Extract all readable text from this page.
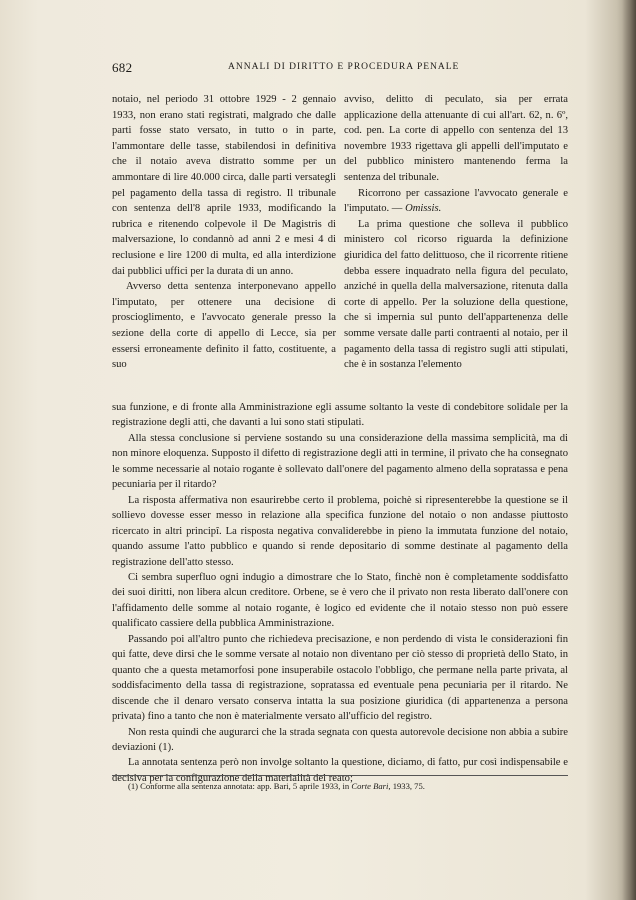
682	ANNALI DI DIRITTO E PROCEDURA PENALE

notaio, nel periodo 31 ottobre 1929 - 2 gennaio 1933, non erano stati registrati, malgrado che dalle parti fosse stato versato, in tutto o in parte, l'ammontare delle tasse, stabilendosi in definitiva che il notaio aveva distratto somme per un ammontare di lire 40.000 circa, dalle parti versategli pel pagamento della tassa di registro. Il tribunale con sentenza dell'8 aprile 1933, modificando la rubrica e ritenendo colpevole il De Magistris di malversazione, lo condannò ad anni 2 e mesi 4 di reclusione e lire 1200 di multa, ed alla interdizione dai pubblici uffici per la durata di un anno.

Avverso detta sentenza interponevano appello l'imputato, per ottenere una decisione di proscioglimento, e l'avvocato generale presso la sezione della corte di appello di Lecce, sia per essersi erroneamente definito il fatto, costituente, a suo

avviso, delitto di peculato, sia per errata applicazione della attenuante di cui all'art. 62, n. 6º, cod. pen. La corte di appello con sentenza del 13 novembre 1933 rigettava gli appelli dell'imputato e del pubblico ministero mantenendo ferma la sentenza del tribunale.

Ricorrono per cassazione l'avvocato generale e l'imputato. — Omissis.

La prima questione che solleva il pubblico ministero col ricorso riguarda la definizione giuridica del fatto delittuoso, che il ricorrente ritiene debba essere inquadrato nella figura del peculato, anziché in quella della malversazione, ritenuta dalla corte di appello. Per la soluzione della questione, che si impernia sul punto dell'appartenenza delle somme versate dalle parti contraenti al notaio, per il pagamento della tassa di registro sugli atti stipulati, che è in sostanza l'elemento

sua funzione, e di fronte alla Amministrazione egli assume soltanto la veste di condebitore solidale per la registrazione degli atti, che davanti a lui sono stati stipulati.

Alla stessa conclusione si perviene sostando su una considerazione della massima semplicità, ma di non minore eloquenza. Supposto il difetto di registrazione degli atti in termine, il privato che ha consegnato le somme necessarie al notaio rogante è sollevato dall'onere del pagamento almeno della sopratassa e pena pecuniaria per il ritardo?

La risposta affermativa non esaurirebbe certo il problema, poichè si ripresenterebbe la questione se il sollievo dovesse esser messo in relazione alla specifica funzione del notaio o non andasse piuttosto ricercato in altri principî. La risposta negativa convaliderebbe in pieno la immutata funzione del notaio, quando assume l'atto pubblico e quando si rende depositario di somme destinate al pagamento della registrazione dell'atto stesso.

Ci sembra superfluo ogni indugio a dimostrare che lo Stato, finchè non è completamente soddisfatto dei suoi diritti, non libera alcun creditore. Orbene, se è vero che il privato non resta liberato dall'onere con l'affidamento delle somme al notaio rogante, è logico ed evidente che il notaio stesso non può essere qualificato cassiere della pubblica Amministrazione.

Passando poi all'altro punto che richiedeva precisazione, e non perdendo di vista le considerazioni fin qui fatte, deve dirsi che le somme versate al notaio non diventano per ciò stesso di proprietà dello Stato, in quanto che a questa metamorfosi pone insuperabile ostacolo l'obbligo, che permane nella parte privata, al soddisfacimento della tassa di registrazione, sopratassa ed eventuale pena pecuniaria per il ritardo. Ne discende che il denaro versato conserva intatta la sua posizione giuridica (di appartenenza a persona privata) fino a tanto che non è materialmente versato all'ufficio del registro.

Non resta quindi che augurarci che la strada segnata con questa autorevole decisione non abbia a subire deviazioni (1).

La annotata sentenza però non involge soltanto la questione, diciamo, di fatto, pur così indispensabile e decisiva per la configurazione della materialità del reato;

(1) Conforme alla sentenza annotata: app. Bari, 5 aprile 1933, in Corte Bari, 1933, 75.
